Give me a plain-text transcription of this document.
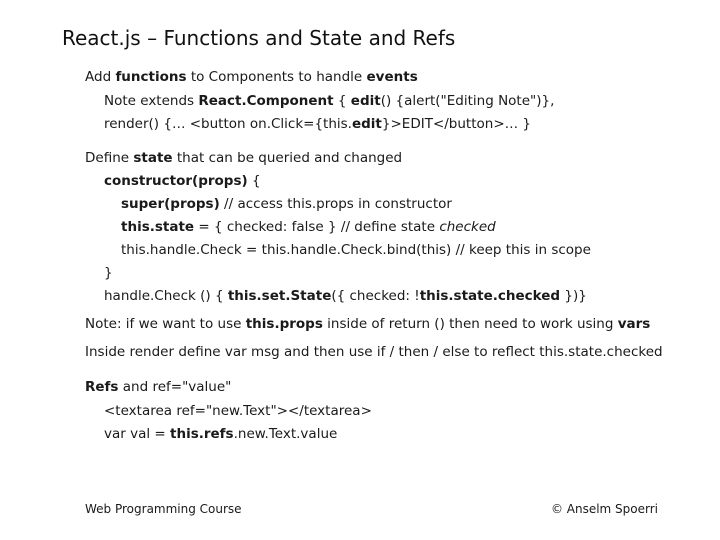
React.js – Functions and State and Refs
Add functions to Components to handle events
Note extends React.Component { edit() {alert("Editing Note")},
render() {… <button on.Click={this.edit}>EDIT</button>… }
Define state that can be queried and changed
constructor(props) {
super(props) // access this.props in constructor
this.state = { checked: false } // define state checked
this.handle.Check = this.handle.Check.bind(this) // keep this in scope
}
handle.Check () { this.set.State({ checked: !this.state.checked })}
Note: if we want to use this.props inside of return () then need to work using vars
Inside render define var msg and then use if / then / else to reflect this.state.checked
Refs and ref="value"
<textarea ref="new.Text"></textarea>
var val = this.refs.new.Text.value
Web Programming Course	© Anselm Spoerri
